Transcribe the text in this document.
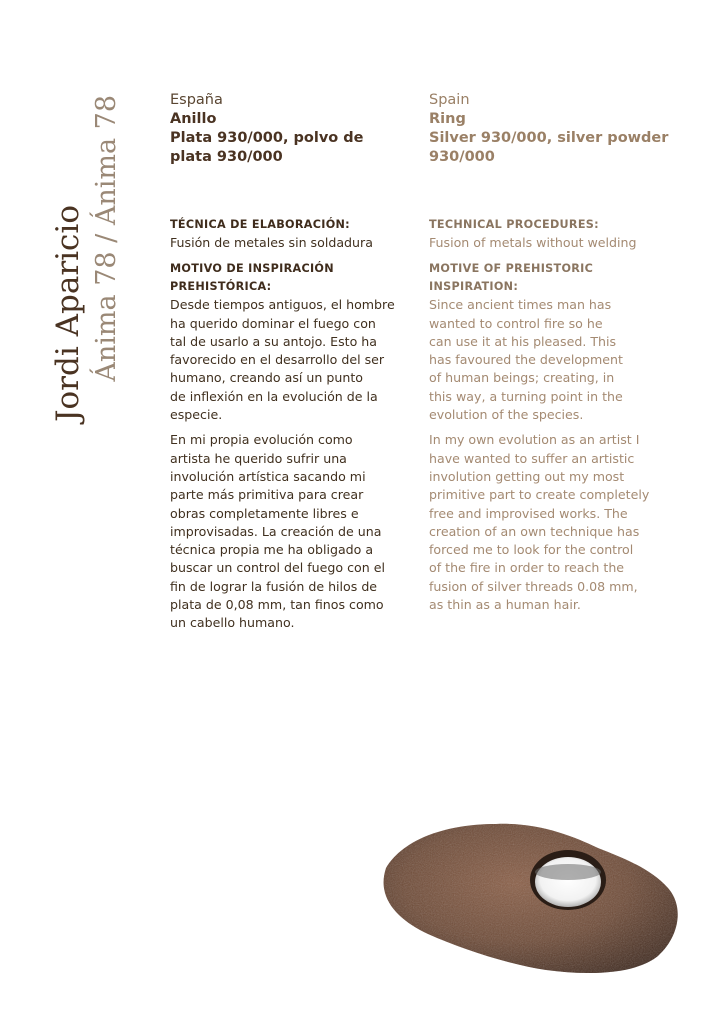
Jordi Aparicio Ánima 78 / Ánima 78	España

Anillo

Plata 930/000, polvo de

plata 930/000

TÉCNICA DE ELABORACIÓN:

Fusión de metales sin soldadura

MOTIVO DE INSPIRACIÓN

PREHISTÓRICA:

Desde tiempos antiguos, el hombre

ha querido dominar el fuego con

tal de usarlo a su antojo. Esto ha

favorecido en el desarrollo del ser

humano, creando así un punto

de inflexión en la evolución de la

especie.

En mi propia evolución como

artista he querido sufrir una

involución artística sacando mi

parte más primitiva para crear

obras completamente libres e

improvisadas. La creación de una

técnica propia me ha obligado a

buscar un control del fuego con el

fin de lograr la fusión de hilos de

plata de 0,08 mm, tan finos como

un cabello humano.

Spain

Ring

Silver 930/000, silver powder

930/000

TECHNICAL PROCEDURES:

Fusion of metals without welding

MOTIVE OF PREHISTORIC

INSPIRATION:

Since ancient times man has

wanted to control fire so he

can use it at his pleased. This

has favoured the development

of human beings; creating, in

this way, a turning point in the

evolution of the species.

In my own evolution as an artist I

have wanted to suffer an artistic

involution getting out my most

primitive part to create completely

free and improvised works. The

creation of an own technique has

forced me to look for the control

of the fire in order to reach the

fusion of silver threads 0.08 mm,

as thin as a human hair.
